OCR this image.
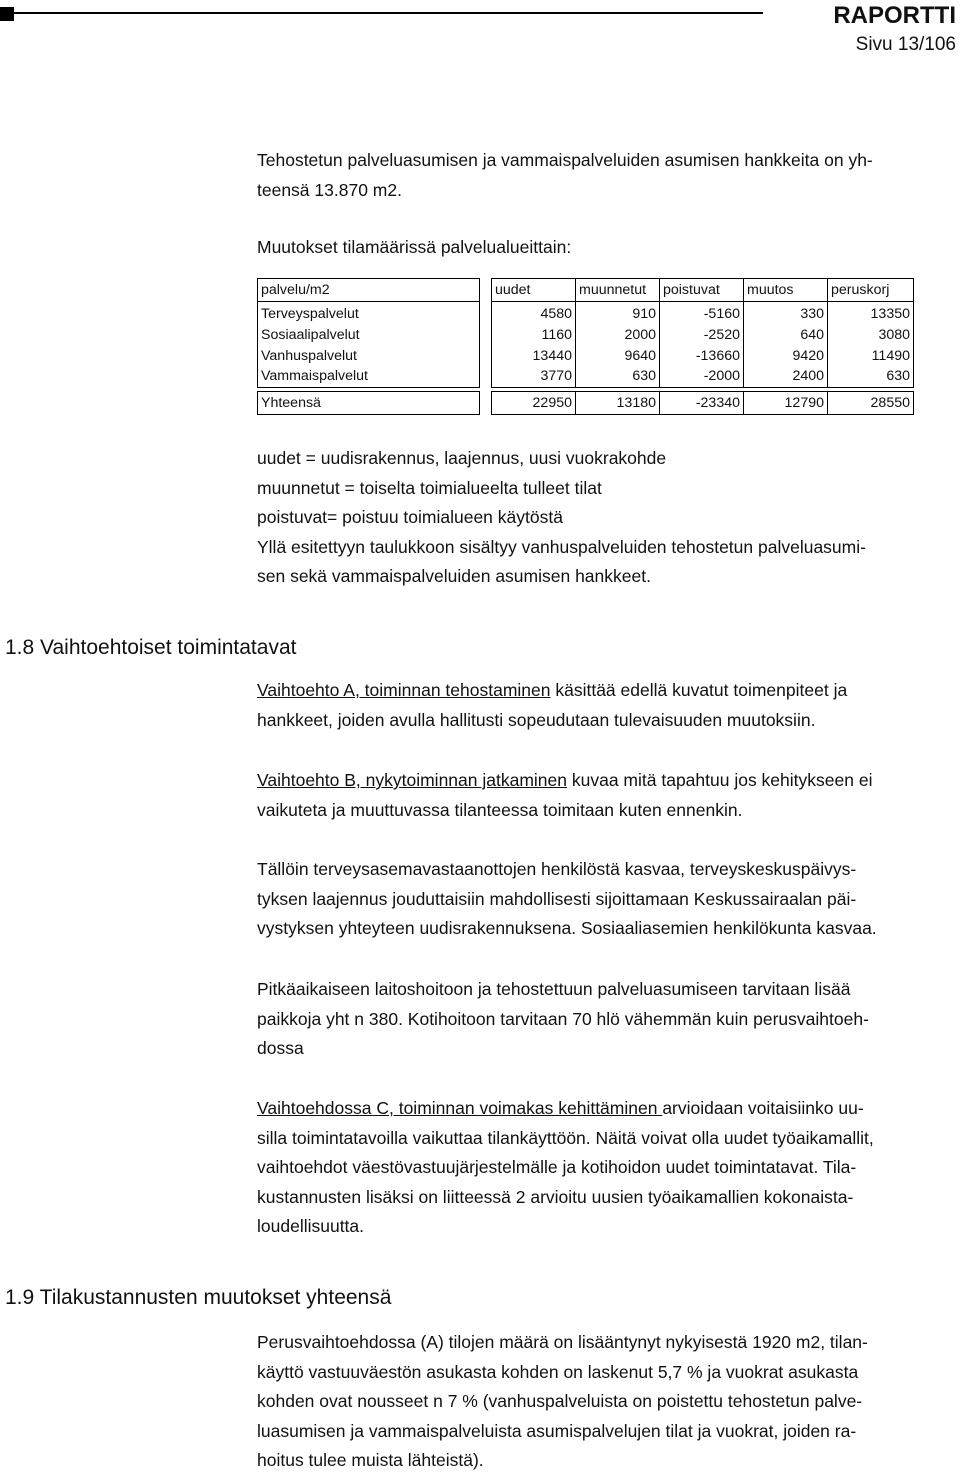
RAPORTTI
Sivu 13/106

Tehostetun palveluasumisen ja vammaispalveluiden asumisen hankkeita on yh-

teensä 13.870 m2.

Muutokset tilamäärissä palvelualueittain:
palvelu/m2		uudet	muunnetut	poistuvat	muutos	peruskorj
Terveyspalvelut		4580	910	-5160	330	13350
Sosiaalipalvelut		1160	2000	-2520	640	3080
Vanhuspalvelut		13440	9640	-13660	9420	11490
Vammaispalvelut		3770	630	-2000	2400	630

Yhteensä		22950	13180	-23340	12790	28550

uudet = uudisrakennus, laajennus, uusi vuokrakohde

muunnetut = toiselta toimialueelta tulleet tilat

poistuvat= poistuu toimialueen käytöstä

Yllä esitettyyn taulukkoon sisältyy vanhuspalveluiden tehostetun palveluasumi-

sen sekä vammaispalveluiden asumisen hankkeet.

1.8 Vaihtoehtoiset toimintatavat

Vaihtoehto A, toiminnan tehostaminen käsittää edellä kuvatut toimenpiteet ja

hankkeet, joiden avulla hallitusti sopeudutaan tulevaisuuden muutoksiin.

Vaihtoehto B, nykytoiminnan jatkaminen kuvaa mitä tapahtuu jos kehitykseen ei

vaikuteta ja muuttuvassa tilanteessa toimitaan kuten ennenkin.

Tällöin terveysasemavastaanottojen henkilöstä kasvaa, terveyskeskuspäivys-

tyksen laajennus jouduttaisiin mahdollisesti sijoittamaan Keskussairaalan päi-

vystyksen yhteyteen uudisrakennuksena. Sosiaaliasemien henkilökunta kasvaa.

Pitkäaikaiseen laitoshoitoon ja tehostettuun palveluasumiseen tarvitaan lisää

paikkoja yht n 380. Kotihoitoon tarvitaan 70 hlö vähemmän kuin perusvaihtoeh-

dossa

Vaihtoehdossa C, toiminnan voimakas kehittäminen arvioidaan voitaisiinko uu-

silla toimintatavoilla vaikuttaa tilankäyttöön. Näitä voivat olla uudet työaikamallit,

vaihtoehdot väestövastuujärjestelmälle ja kotihoidon uudet toimintatavat. Tila-

kustannusten lisäksi on liitteessä 2 arvioitu uusien työaikamallien kokonaista-

loudellisuutta.

1.9 Tilakustannusten muutokset yhteensä

Perusvaihtoehdossa (A) tilojen määrä on lisääntynyt nykyisestä 1920 m2, tilan-

käyttö vastuuväestön asukasta kohden on laskenut 5,7 % ja vuokrat asukasta

kohden ovat nousseet n 7 % (vanhuspalveluista on poistettu tehostetun palve-

luasumisen ja vammaispalveluista asumispalvelujen tilat ja vuokrat, joiden ra-

hoitus tulee muista lähteistä).
